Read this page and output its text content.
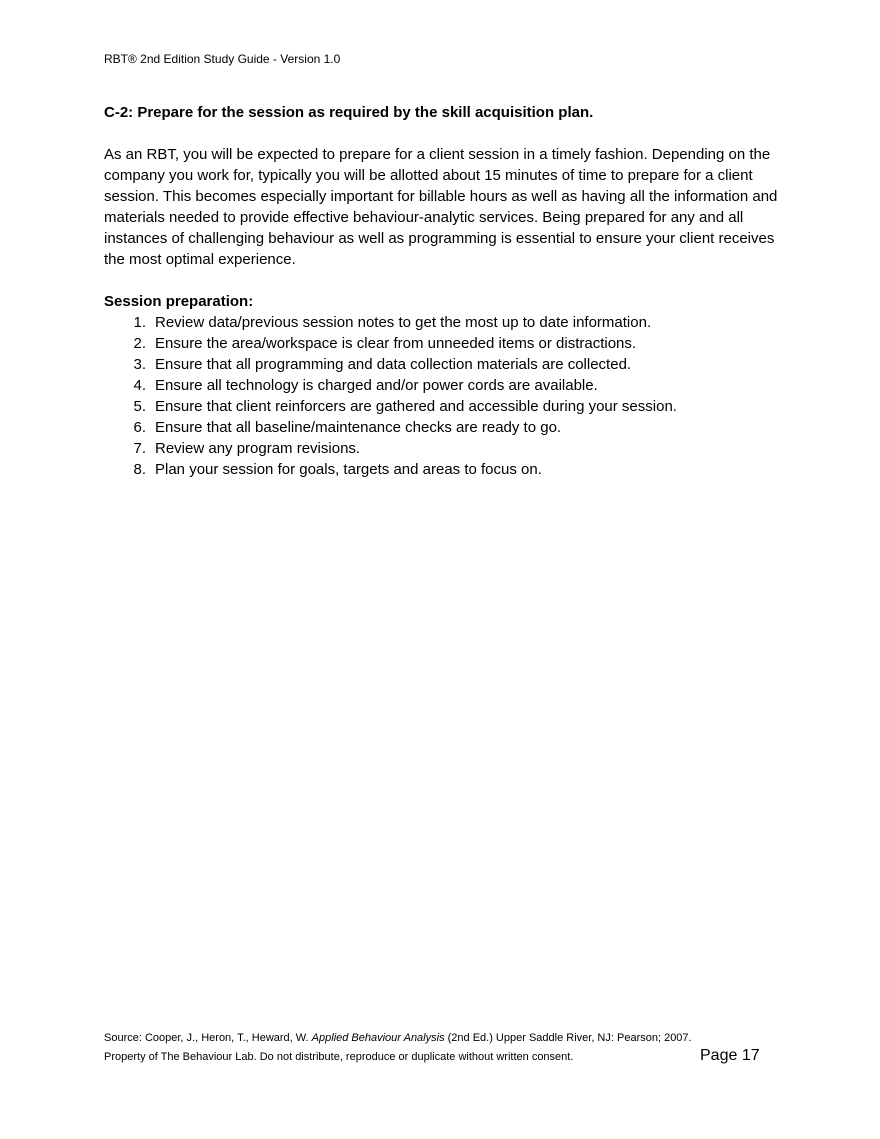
RBT® 2nd Edition Study Guide - Version 1.0
C-2: Prepare for the session as required by the skill acquisition plan.

As an RBT, you will be expected to prepare for a client session in a timely fashion. Depending on the company you work for, typically you will be allotted about 15 minutes of time to prepare for a client session. This becomes especially important for billable hours as well as having all the information and materials needed to provide effective behaviour-analytic services. Being prepared for any and all instances of challenging behaviour as well as programming is essential to ensure your client receives the most optimal experience.

Session preparation:
1. Review data/previous session notes to get the most up to date information.
2. Ensure the area/workspace is clear from unneeded items or distractions.
3. Ensure that all programming and data collection materials are collected.
4. Ensure all technology is charged and/or power cords are available.
5. Ensure that client reinforcers are gathered and accessible during your session.
6. Ensure that all baseline/maintenance checks are ready to go.
7. Review any program revisions.
8. Plan your session for goals, targets and areas to focus on.
Source: Cooper, J., Heron, T., Heward, W. Applied Behaviour Analysis (2nd Ed.) Upper Saddle River, NJ: Pearson; 2007.
Property of The Behaviour Lab. Do not distribute, reproduce or duplicate without written consent.	Page 17
